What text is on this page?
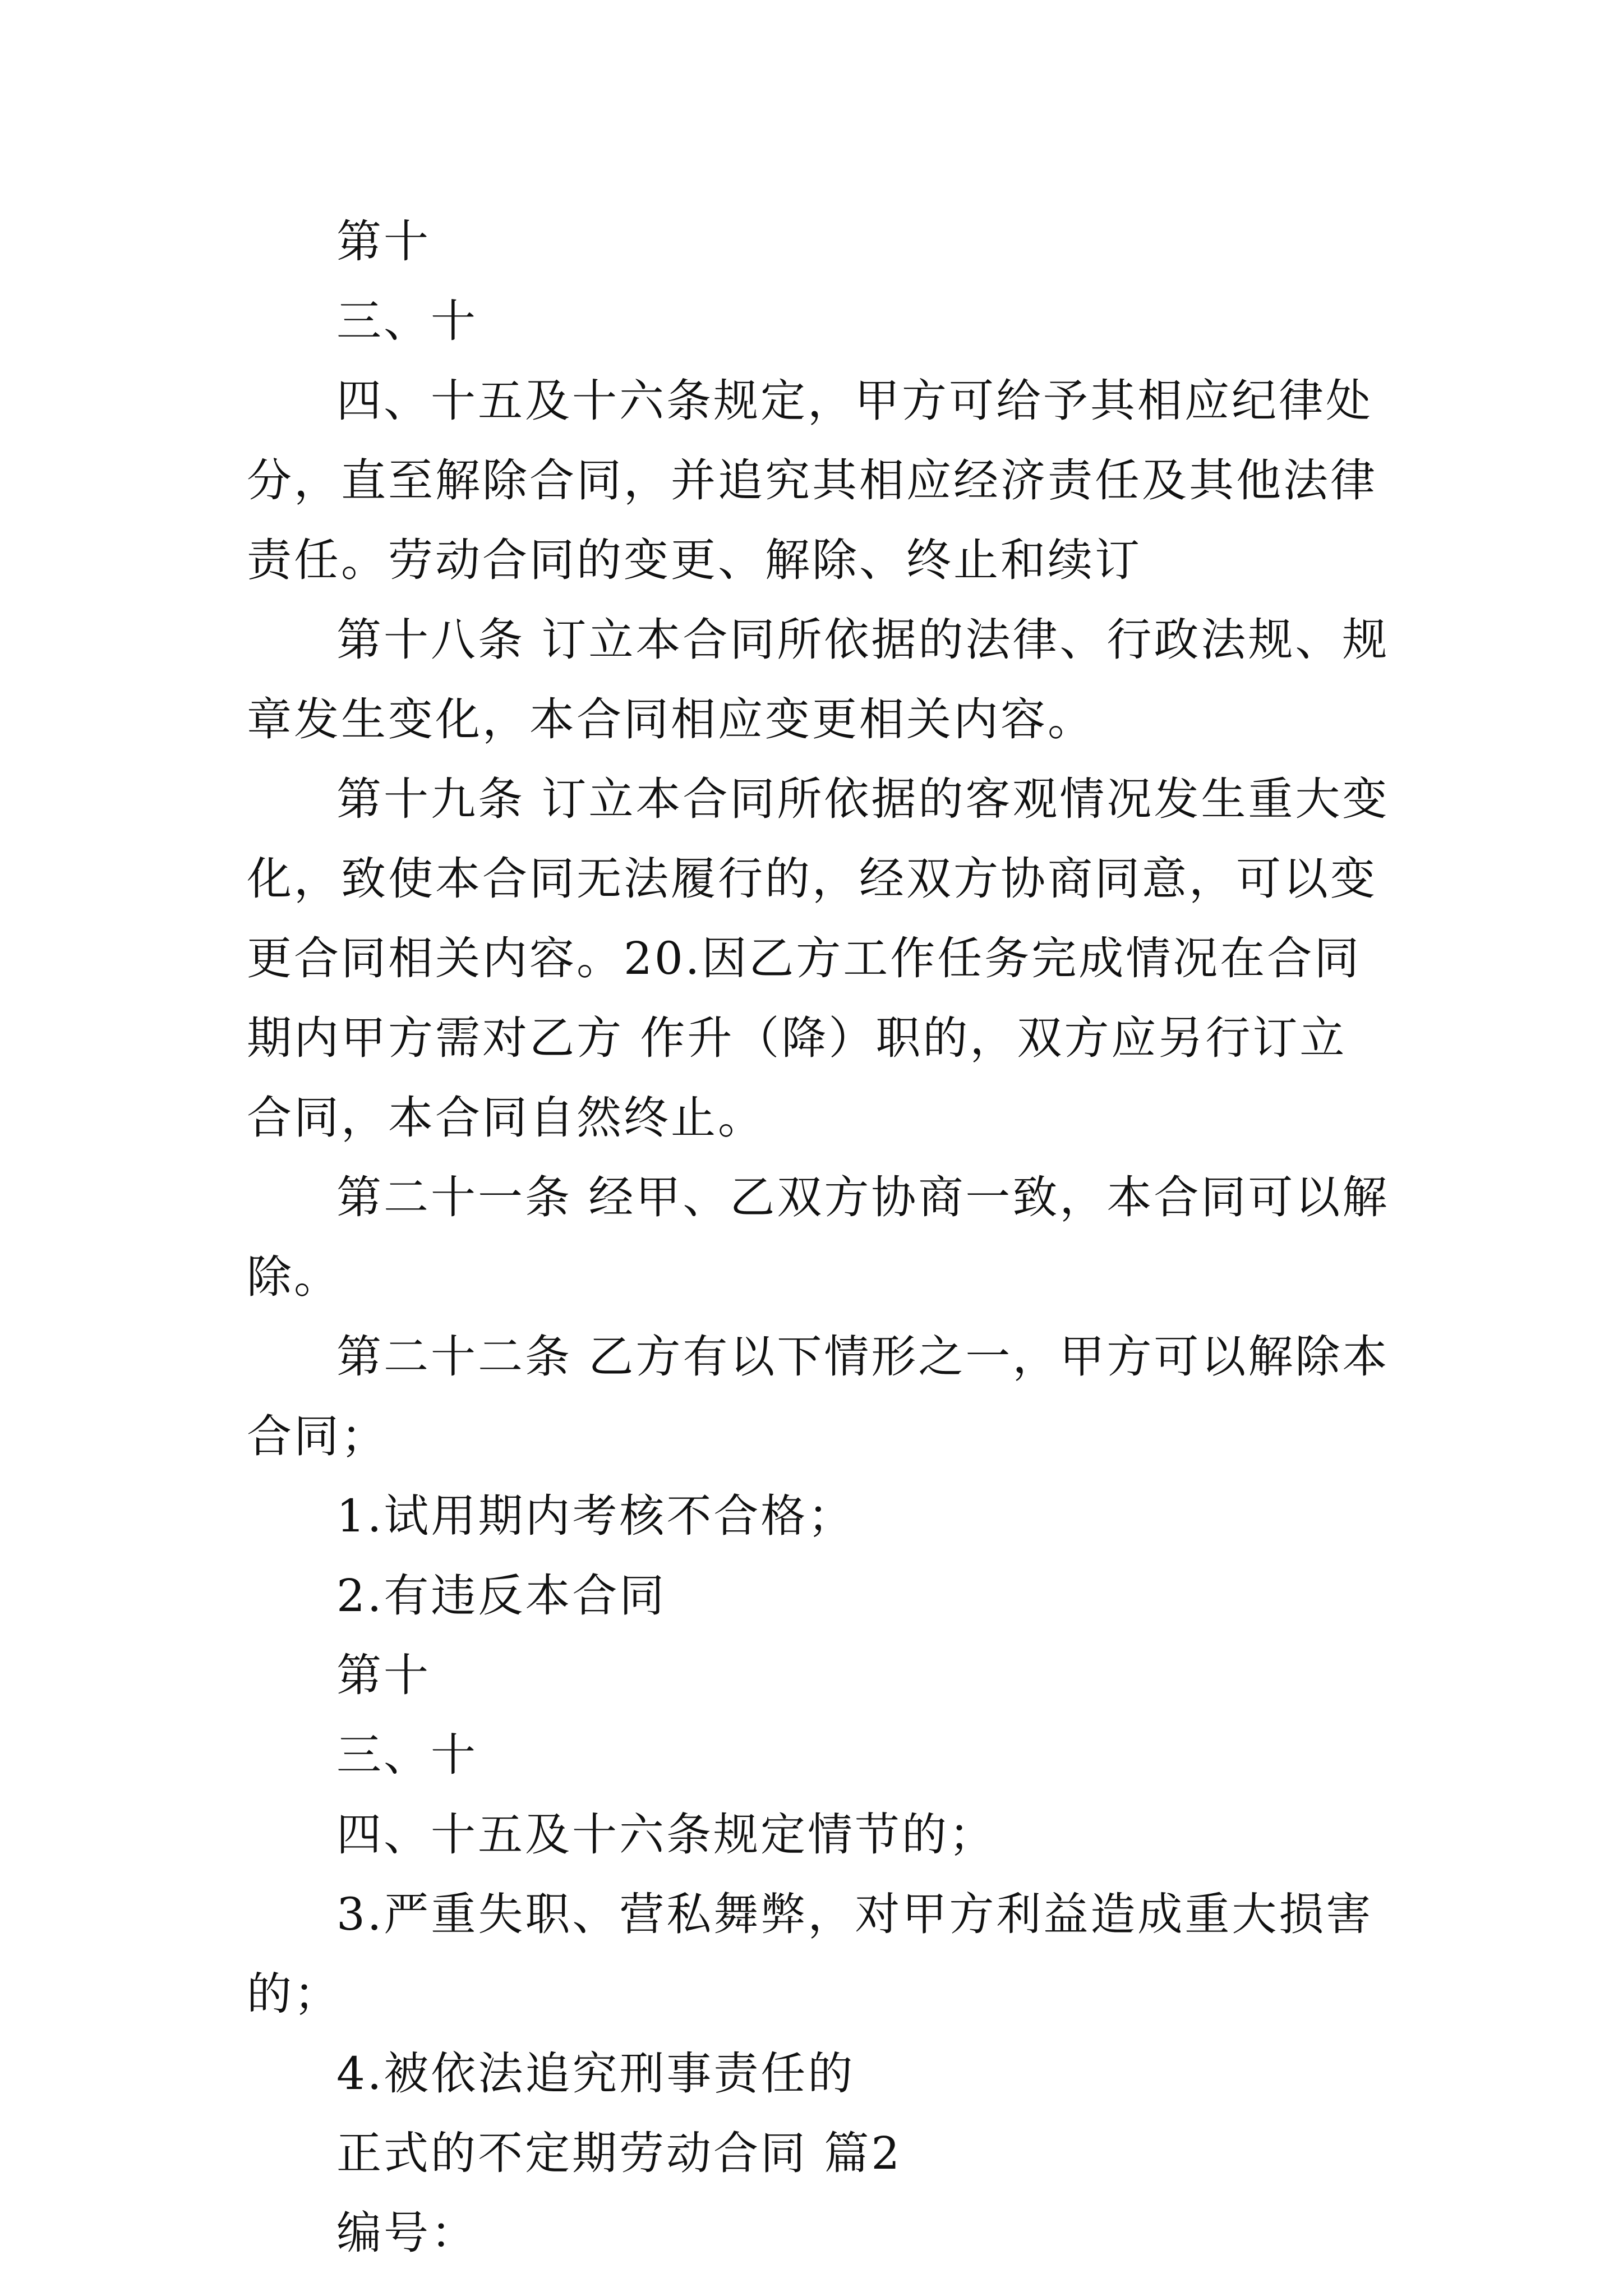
第十

三、十

四、十五及十六条规定，甲方可给予其相应纪律处分，直至解除合同，并追究其相应经济责任及其他法律责任。劳动合同的变更、解除、终止和续订

第十八条 订立本合同所依据的法律、行政法规、规章发生变化，本合同相应变更相关内容。

第十九条 订立本合同所依据的客观情况发生重大变化，致使本合同无法履行的，经双方协商同意，可以变更合同相关内容。20.因乙方工作任务完成情况在合同期内甲方需对乙方 作升（降）职的，双方应另行订立合同，本合同自然终止。

第二十一条 经甲、乙双方协商一致，本合同可以解除。

第二十二条 乙方有以下情形之一，甲方可以解除本合同；

1.试用期内考核不合格；

2.有违反本合同

第十

三、十

四、十五及十六条规定情节的；

3.严重失职、营私舞弊，对甲方利益造成重大损害的；

4.被依法追究刑事责任的

正式的不定期劳动合同 篇2

编号：
